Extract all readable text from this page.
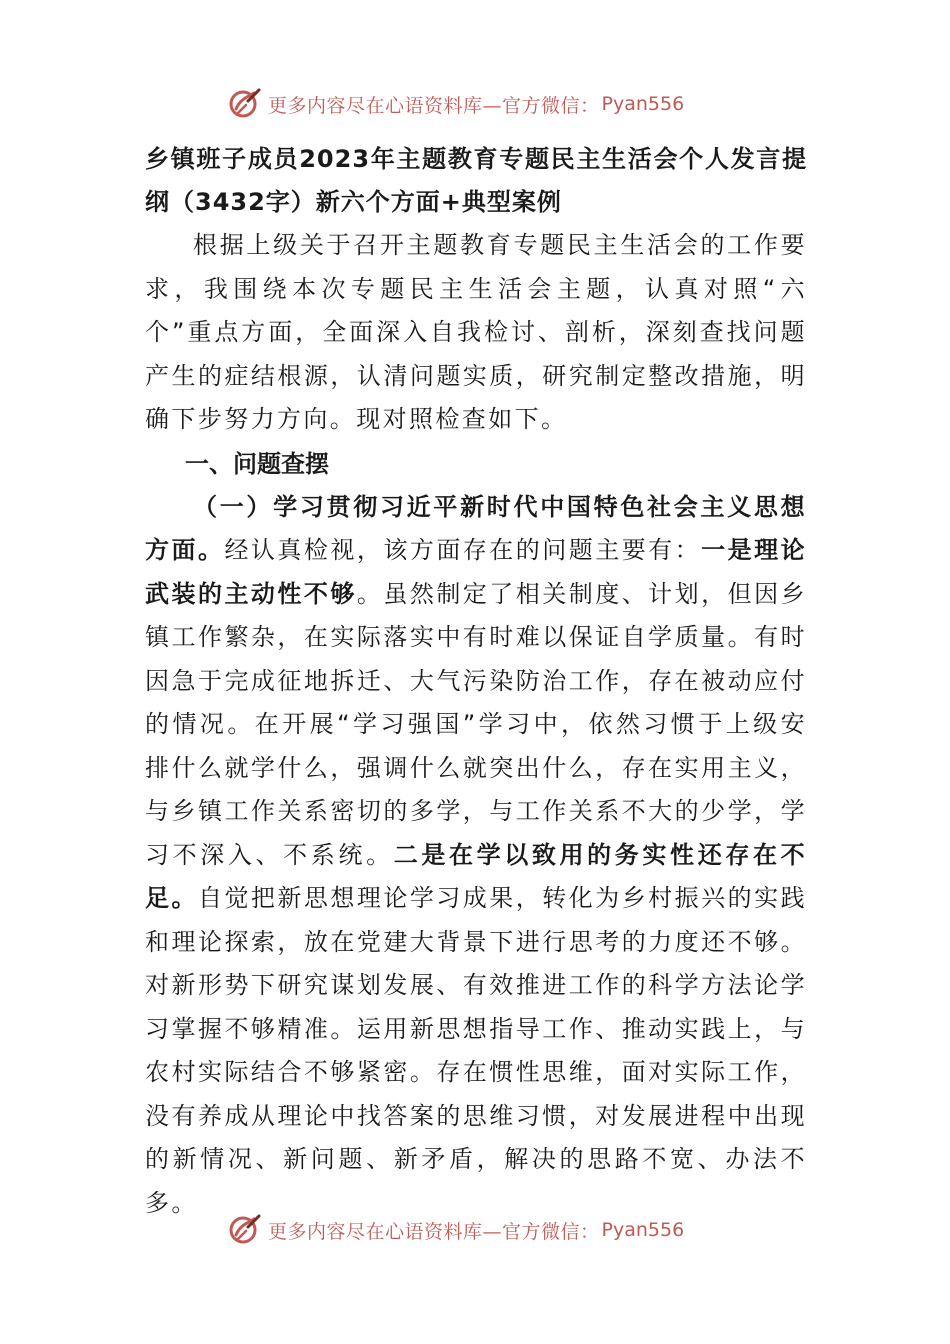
更多内容尽在心语资料库—官方微信： Pyan556

乡镇班子成员2023年主题教育专题民主生活会个人发言提纲（3432字）新六个方面+典型案例

根据上级关于召开主题教育专题民主生活会的工作要求，我围绕本次专题民主生活会主题，认真对照“六个”重点方面，全面深入自我检讨、剖析，深刻查找问题产生的症结根源，认清问题实质，研究制定整改措施，明确下步努力方向。现对照检查如下。

一、问题查摆

（一）学习贯彻习近平新时代中国特色社会主义思想方面。经认真检视，该方面存在的问题主要有：一是理论武装的主动性不够。虽然制定了相关制度、计划，但因乡镇工作繁杂，在实际落实中有时难以保证自学质量。有时因急于完成征地拆迁、大气污染防治工作，存在被动应付的情况。在开展“学习强国”学习中，依然习惯于上级安排什么就学什么，强调什么就突出什么，存在实用主义，与乡镇工作关系密切的多学，与工作关系不大的少学，学习不深入、不系统。二是在学以致用的务实性还存在不足。自觉把新思想理论学习成果，转化为乡村振兴的实践和理论探索，放在党建大背景下进行思考的力度还不够。对新形势下研究谋划发展、有效推进工作的科学方法论学习掌握不够精准。运用新思想指导工作、推动实践上，与农村实际结合不够紧密。存在惯性思维，面对实际工作，没有养成从理论中找答案的思维习惯，对发展进程中出现的新情况、新问题、新矛盾，解决的思路不宽、办法不多。

更多内容尽在心语资料库—官方微信： Pyan556
